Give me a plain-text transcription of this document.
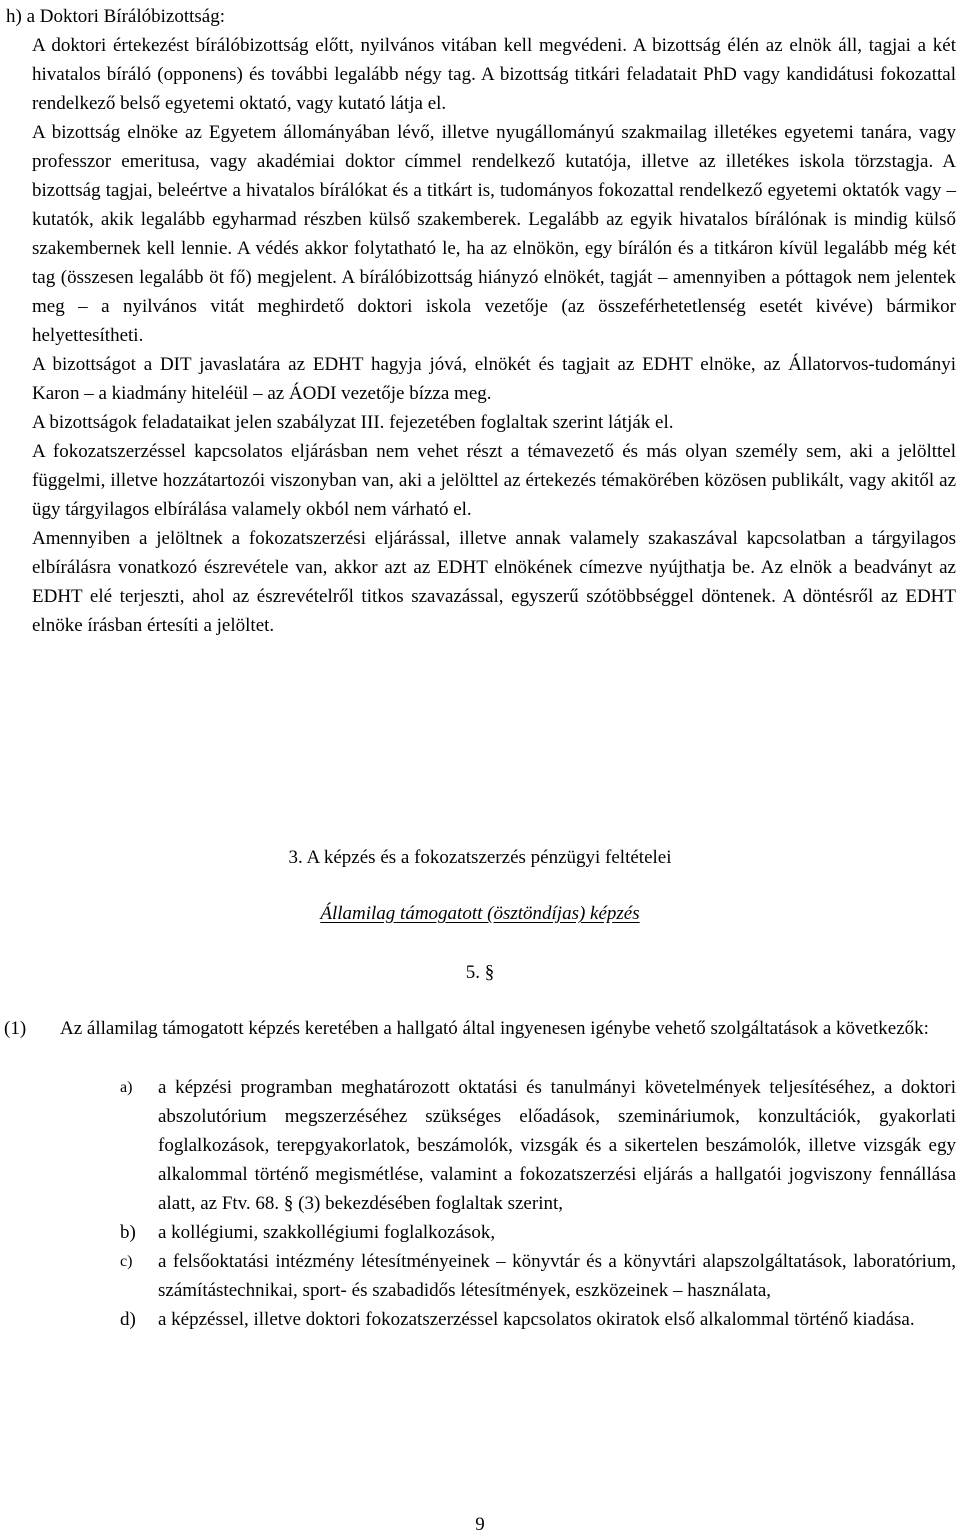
h) a Doktori Bírálóbizottság:

A doktori értekezést bírálóbizottság előtt, nyilvános vitában kell megvédeni. A bizottság élén az elnök áll, tagjai a két hivatalos bíráló (opponens) és további legalább négy tag. A bizottság titkári feladatait PhD vagy kandidátusi fokozattal rendelkező belső egyetemi oktató, vagy kutató látja el.

A bizottság elnöke az Egyetem állományában lévő, illetve nyugállományú szakmailag illetékes egyetemi tanára, vagy professzor emeritusa, vagy akadémiai doktor címmel rendelkező kutatója, illetve az illetékes iskola törzstagja. A bizottság tagjai, beleértve a hivatalos bírálókat és a titkárt is, tudományos fokozattal rendelkező egyetemi oktatók vagy –kutatók, akik legalább egyharmad részben külső szakemberek. Legalább az egyik hivatalos bírálónak is mindig külső szakembernek kell lennie. A védés akkor folytatható le, ha az elnökön, egy bírálón és a titkáron kívül legalább még két tag (összesen legalább öt fő) megjelent. A bírálóbizottság hiányzó elnökét, tagját – amennyiben a póttagok nem jelentek meg – a nyilvános vitát meghirdető doktori iskola vezetője (az összeférhetetlenség esetét kivéve) bármikor helyettesítheti.

A bizottságot a DIT javaslatára az EDHT hagyja jóvá, elnökét és tagjait az EDHT elnöke, az Állatorvos-tudományi Karon – a kiadmány hiteléül – az ÁODI vezetője bízza meg.

A bizottságok feladataikat jelen szabályzat III. fejezetében foglaltak szerint látják el.

A fokozatszerzéssel kapcsolatos eljárásban nem vehet részt a témavezető és más olyan személy sem, aki a jelölttel függelmi, illetve hozzátartozói viszonyban van, aki a jelölttel az értekezés témakörében közösen publikált, vagy akitől az ügy tárgyilagos elbírálása valamely okból nem várható el.

Amennyiben a jelöltnek a fokozatszerzési eljárással, illetve annak valamely szakaszával kapcsolatban a tárgyilagos elbírálásra vonatkozó észrevétele van, akkor azt az EDHT elnökének címezve nyújthatja be. Az elnök a beadványt az EDHT elé terjeszti, ahol az észrevételről titkos szavazással, egyszerű szótöbbséggel döntenek. A döntésről az EDHT elnöke írásban értesíti a jelöltet.

3. A képzés és a fokozatszerzés pénzügyi feltételei
Államilag támogatott (ösztöndíjas) képzés
5. §
(1) Az államilag támogatott képzés keretében a hallgató által ingyenesen igénybe vehető szolgáltatások a következők:
a) a képzési programban meghatározott oktatási és tanulmányi követelmények teljesítéséhez, a doktori abszolutórium megszerzéséhez szükséges előadások, szemináriumok, konzultációk, gyakorlati foglalkozások, terepgyakorlatok, beszámolók, vizsgák és a sikertelen beszámolók, illetve vizsgák egy alkalommal történő megismétlése, valamint a fokozatszerzési eljárás a hallgatói jogviszony fennállása alatt, az Ftv. 68. § (3) bekezdésében foglaltak szerint,
b) a kollégiumi, szakkollégiumi foglalkozások,
c) a felsőoktatási intézmény létesítményeinek – könyvtár és a könyvtári alapszolgáltatások, laboratórium, számítástechnikai, sport- és szabadidős létesítmények, eszközeinek – használata,
d) a képzéssel, illetve doktori fokozatszerzéssel kapcsolatos okiratok első alkalommal történő kiadása.
9
